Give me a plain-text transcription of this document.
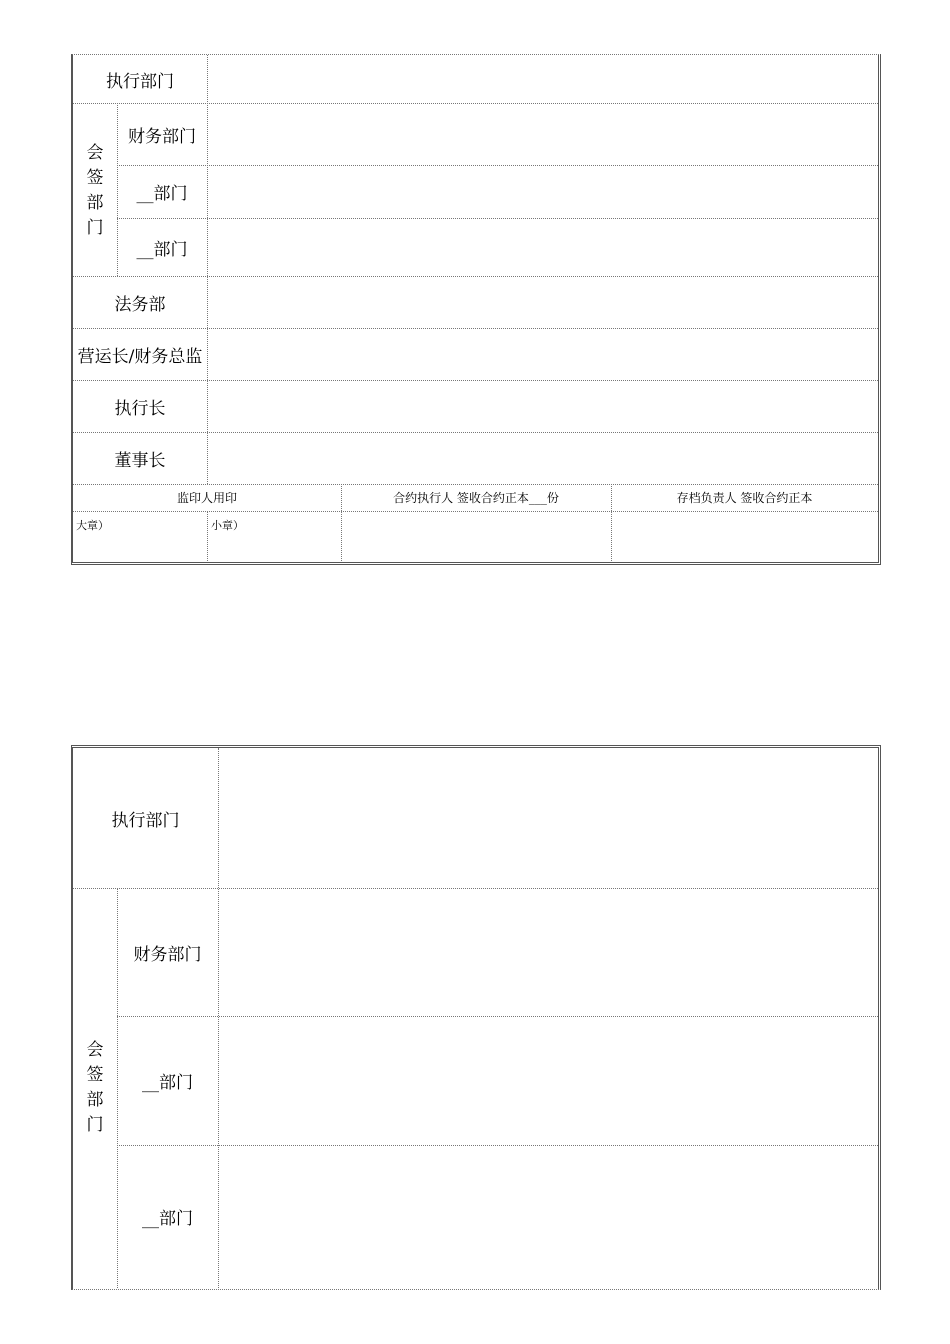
执行部门
会
签
部
门
财务部门
__部门
__部门
法务部
营运长/财务总监
执行长
董事长
监印人用印	合约执行人 签收合约正本___份	存档负责人 签收合约正本
大章）	小章）
执行部门
会
签
部
门
财务部门
__部门
__部门
